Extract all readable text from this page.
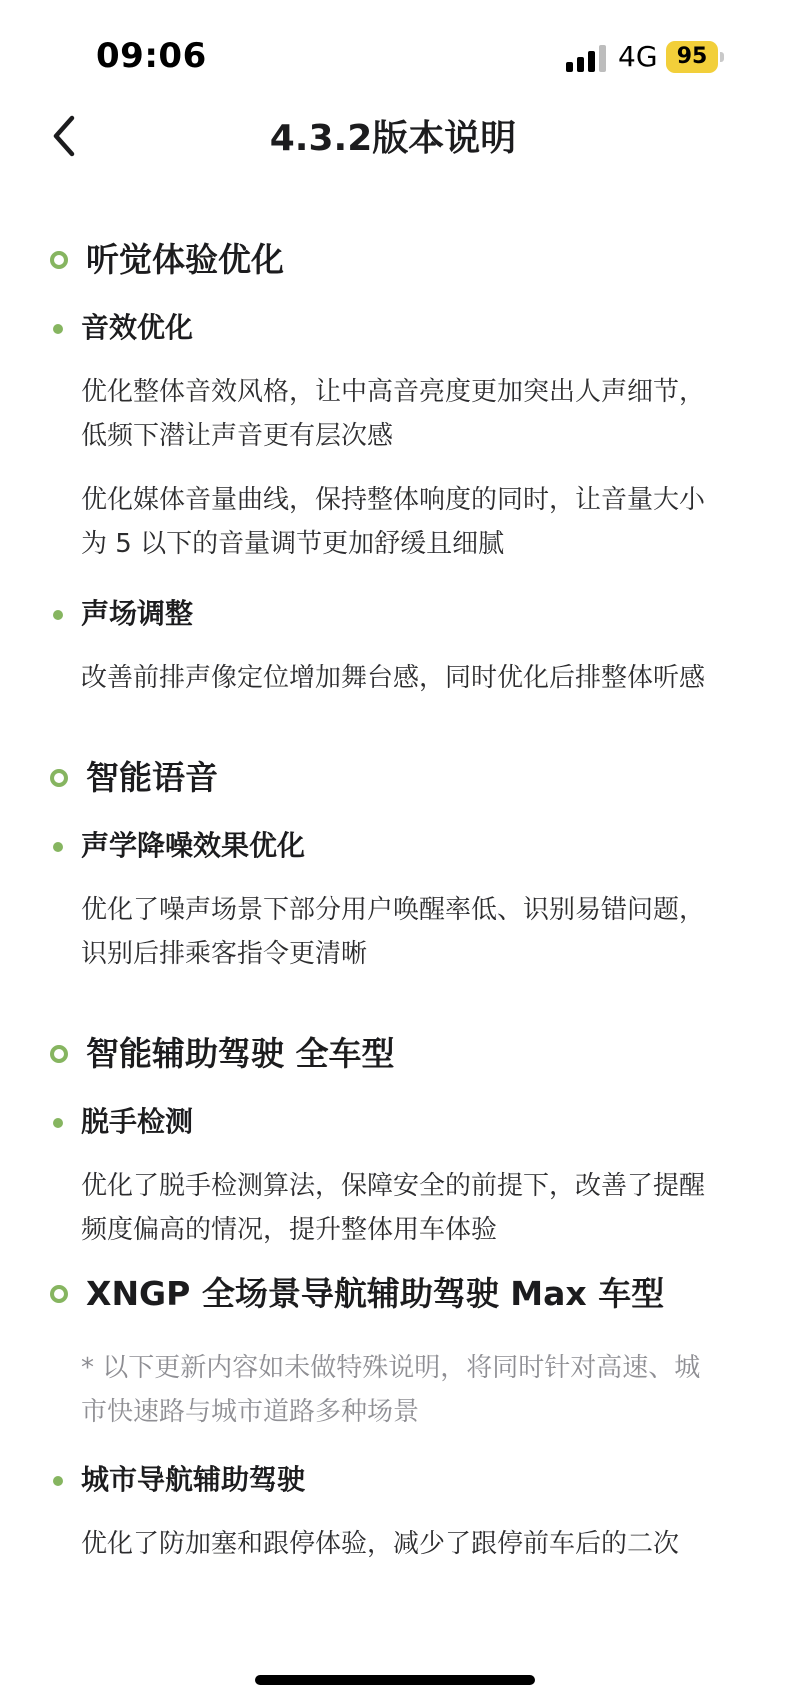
09:06	4G 95
4.3.2版本说明
听觉体验优化
音效优化

优化整体音效风格，让中高音亮度更加突出人声细节，低频下潜让声音更有层次感

优化媒体音量曲线，保持整体响度的同时，让音量大小为 5 以下的音量调节更加舒缓且细腻

声场调整

改善前排声像定位增加舞台感，同时优化后排整体听感

智能语音
声学降噪效果优化

优化了噪声场景下部分用户唤醒率低、识别易错问题，识别后排乘客指令更清晰

智能辅助驾驶 全车型
脱手检测

优化了脱手检测算法，保障安全的前提下，改善了提醒频度偏高的情况，提升整体用车体验

XNGP 全场景导航辅助驾驶 Max 车型

* 以下更新内容如未做特殊说明，将同时针对高速、城市快速路与城市道路多种场景

城市导航辅助驾驶

优化了防加塞和跟停体验，减少了跟停前车后的二次
